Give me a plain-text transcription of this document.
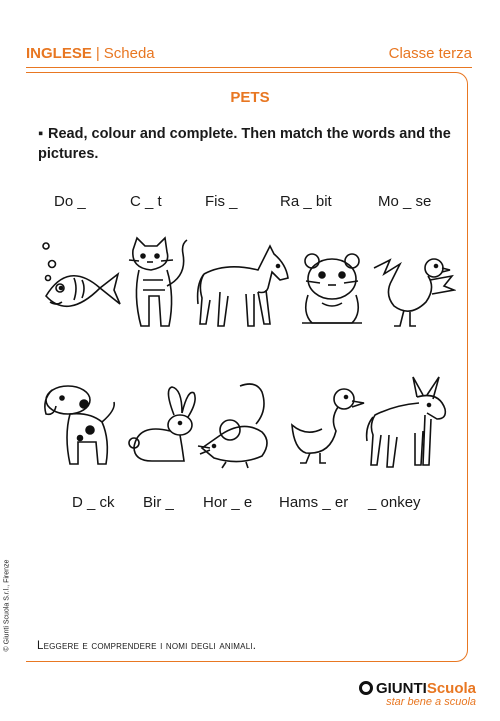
INGLESE | Scheda	Classe terza
PETS
▪ Read, colour and complete. Then match the words and the pictures.
Do _	C _ t	Fis _	Ra _ bit	Mo _ se
D _ ck Bir _ Hor _ e Hams _ er _ onkey
Leggere e comprendere i nomi degli animali.
© Giunti Scuola S.r.l., Firenze
GIUNTIScuola
star bene a scuola
